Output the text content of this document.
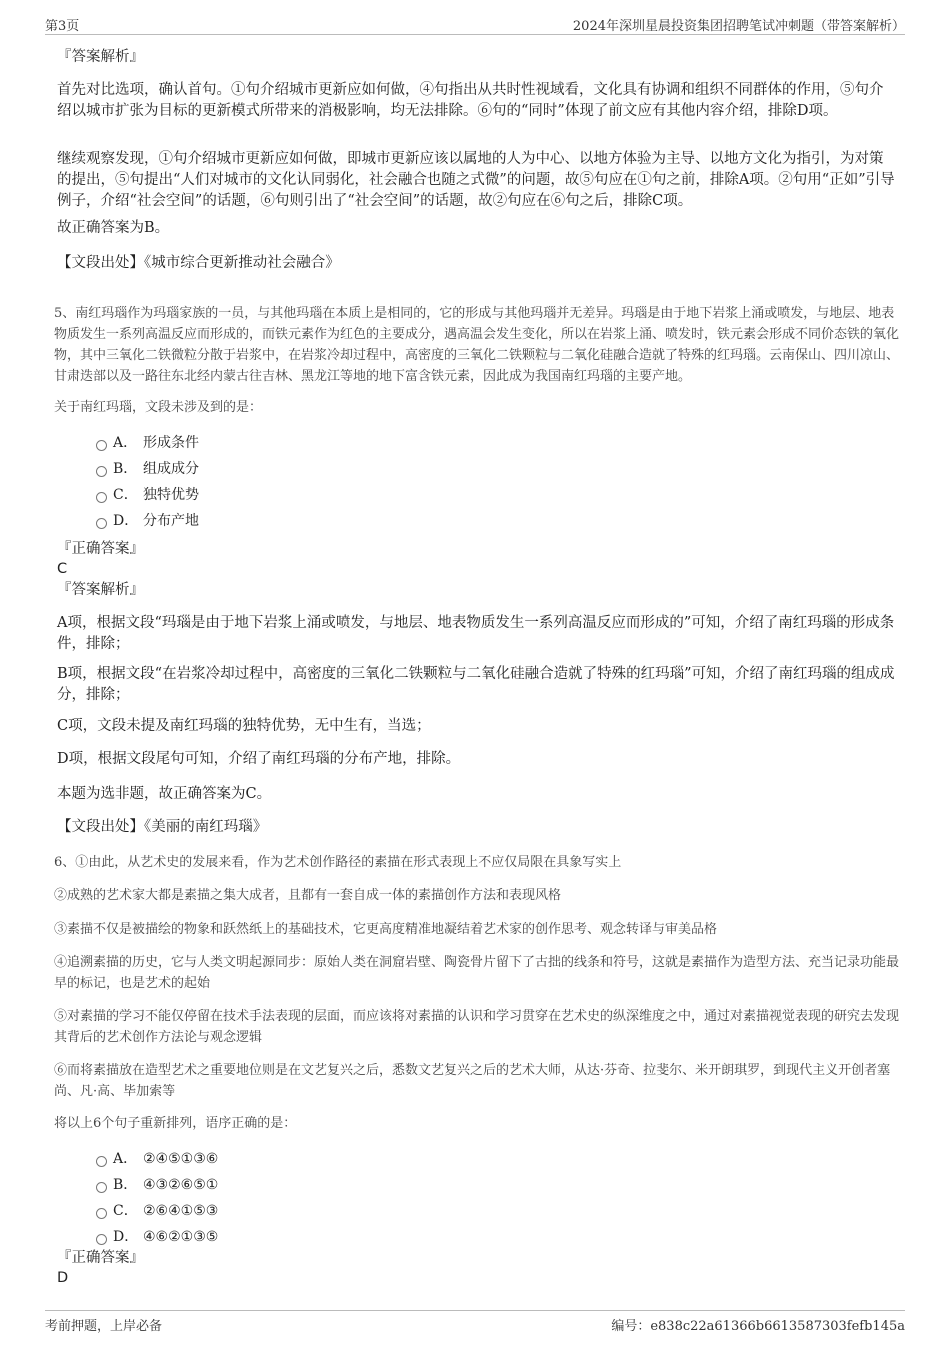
第3页	2024年深圳星晨投资集团招聘笔试冲刺题（带答案解析）
『答案解析』
首先对比选项，确认首句。①句介绍城市更新应如何做，④句指出从共时性视域看，文化具有协调和组织不同群体的作用，⑤句介绍以城市扩张为目标的更新模式所带来的消极影响，均无法排除。⑥句的“同时”体现了前文应有其他内容介绍，排除D项。
继续观察发现，①句介绍城市更新应如何做，即城市更新应该以属地的人为中心、以地方体验为主导、以地方文化为指引，为对策的提出，⑤句提出“人们对城市的文化认同弱化，社会融合也随之式微”的问题，故⑤句应在①句之前，排除A项。②句用“正如”引导例子，介绍“社会空间”的话题，⑥句则引出了“社会空间”的话题，故②句应在⑥句之后，排除C项。
故正确答案为B。
【文段出处】《城市综合更新推动社会融合》
5、南红玛瑙作为玛瑙家族的一员，与其他玛瑙在本质上是相同的，它的形成与其他玛瑙并无差异。玛瑙是由于地下岩浆上涌或喷发，与地层、地表物质发生一系列高温反应而形成的，而铁元素作为红色的主要成分，遇高温会发生变化，所以在岩浆上涌、喷发时，铁元素会形成不同价态铁的氧化物，其中三氧化二铁微粒分散于岩浆中，在岩浆冷却过程中，高密度的三氧化二铁颗粒与二氧化硅融合造就了特殊的红玛瑙。云南保山、四川凉山、甘肃迭部以及一路往东北经内蒙古往吉林、黑龙江等地的地下富含铁元素，因此成为我国南红玛瑙的主要产地。
关于南红玛瑙，文段未涉及到的是：
A． 形成条件
B． 组成成分
C． 独特优势
D． 分布产地
『正确答案』
C
『答案解析』
A项，根据文段“玛瑙是由于地下岩浆上涌或喷发，与地层、地表物质发生一系列高温反应而形成的”可知，介绍了南红玛瑙的形成条件，排除；
B项，根据文段“在岩浆冷却过程中，高密度的三氧化二铁颗粒与二氧化硅融合造就了特殊的红玛瑙”可知，介绍了南红玛瑙的组成成分，排除；
C项，文段未提及南红玛瑙的独特优势，无中生有，当选；
D项，根据文段尾句可知，介绍了南红玛瑙的分布产地，排除。
本题为选非题，故正确答案为C。
【文段出处】《美丽的南红玛瑙》
6、①由此，从艺术史的发展来看，作为艺术创作路径的素描在形式表现上不应仅局限在具象写实上
②成熟的艺术家大都是素描之集大成者，且都有一套自成一体的素描创作方法和表现风格
③素描不仅是被描绘的物象和跃然纸上的基础技术，它更高度精准地凝结着艺术家的创作思考、观念转译与审美品格
④追溯素描的历史，它与人类文明起源同步：原始人类在洞窟岩壁、陶瓷骨片留下了古拙的线条和符号，这就是素描作为造型方法、充当记录功能最早的标记，也是艺术的起始
⑤对素描的学习不能仅停留在技术手法表现的层面，而应该将对素描的认识和学习贯穿在艺术史的纵深维度之中，通过对素描视觉表现的研究去发现其背后的艺术创作方法论与观念逻辑
⑥而将素描放在造型艺术之重要地位则是在文艺复兴之后，悉数文艺复兴之后的艺术大师，从达·芬奇、拉斐尔、米开朗琪罗，到现代主义开创者塞尚、凡·高、毕加索等
将以上6个句子重新排列，语序正确的是：
A． ②④⑤①③⑥
B． ④③②⑥⑤①
C． ②⑥④①⑤③
D． ④⑥②①③⑤
『正确答案』
D
考前押题，上岸必备	编号：e838c22a61366b6613587303fefb145a
